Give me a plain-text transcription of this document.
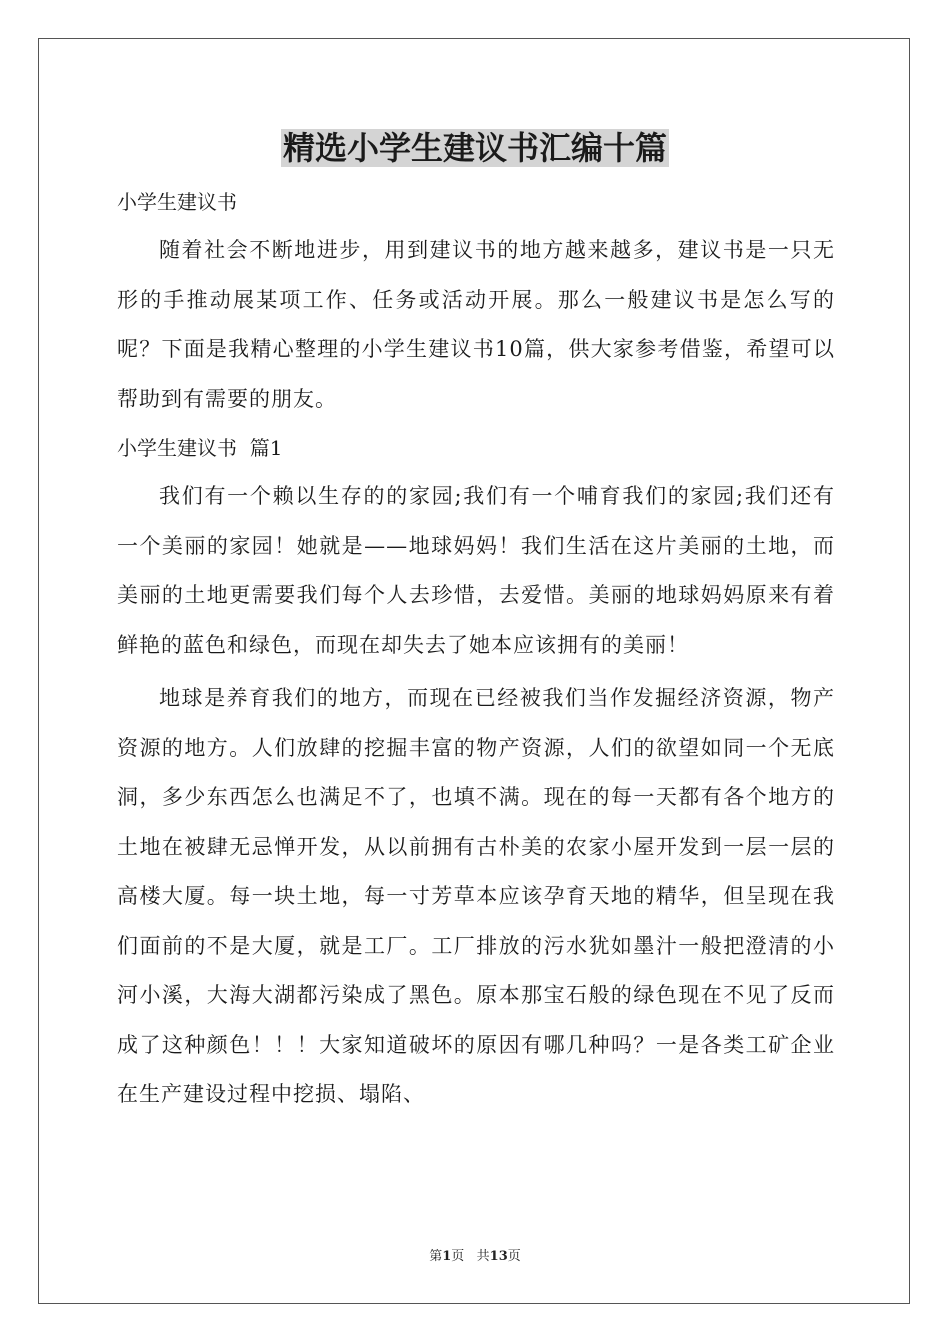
精选小学生建议书汇编十篇

小学生建议书

随着社会不断地进步，用到建议书的地方越来越多，建议书是一只无形的手推动展某项工作、任务或活动开展。那么一般建议书是怎么写的呢？下面是我精心整理的小学生建议书10篇，供大家参考借鉴，希望可以帮助到有需要的朋友。

小学生建议书  篇1

我们有一个赖以生存的的家园;我们有一个哺育我们的家园;我们还有一个美丽的家园！她就是——地球妈妈！我们生活在这片美丽的土地，而美丽的土地更需要我们每个人去珍惜，去爱惜。美丽的地球妈妈原来有着鲜艳的蓝色和绿色，而现在却失去了她本应该拥有的美丽！

地球是养育我们的地方，而现在已经被我们当作发掘经济资源，物产资源的地方。人们放肆的挖掘丰富的物产资源，人们的欲望如同一个无底洞，多少东西怎么也满足不了，也填不满。现在的每一天都有各个地方的土地在被肆无忌惮开发，从以前拥有古朴美的农家小屋开发到一层一层的高楼大厦。每一块土地，每一寸芳草本应该孕育天地的精华，但呈现在我们面前的不是大厦，就是工厂。工厂排放的污水犹如墨汁一般把澄清的小河小溪，大海大湖都污染成了黑色。原本那宝石般的绿色现在不见了反而成了这种颜色！！！大家知道破坏的原因有哪几种吗？一是各类工矿企业在生产建设过程中挖损、塌陷、

第1页   共13页
